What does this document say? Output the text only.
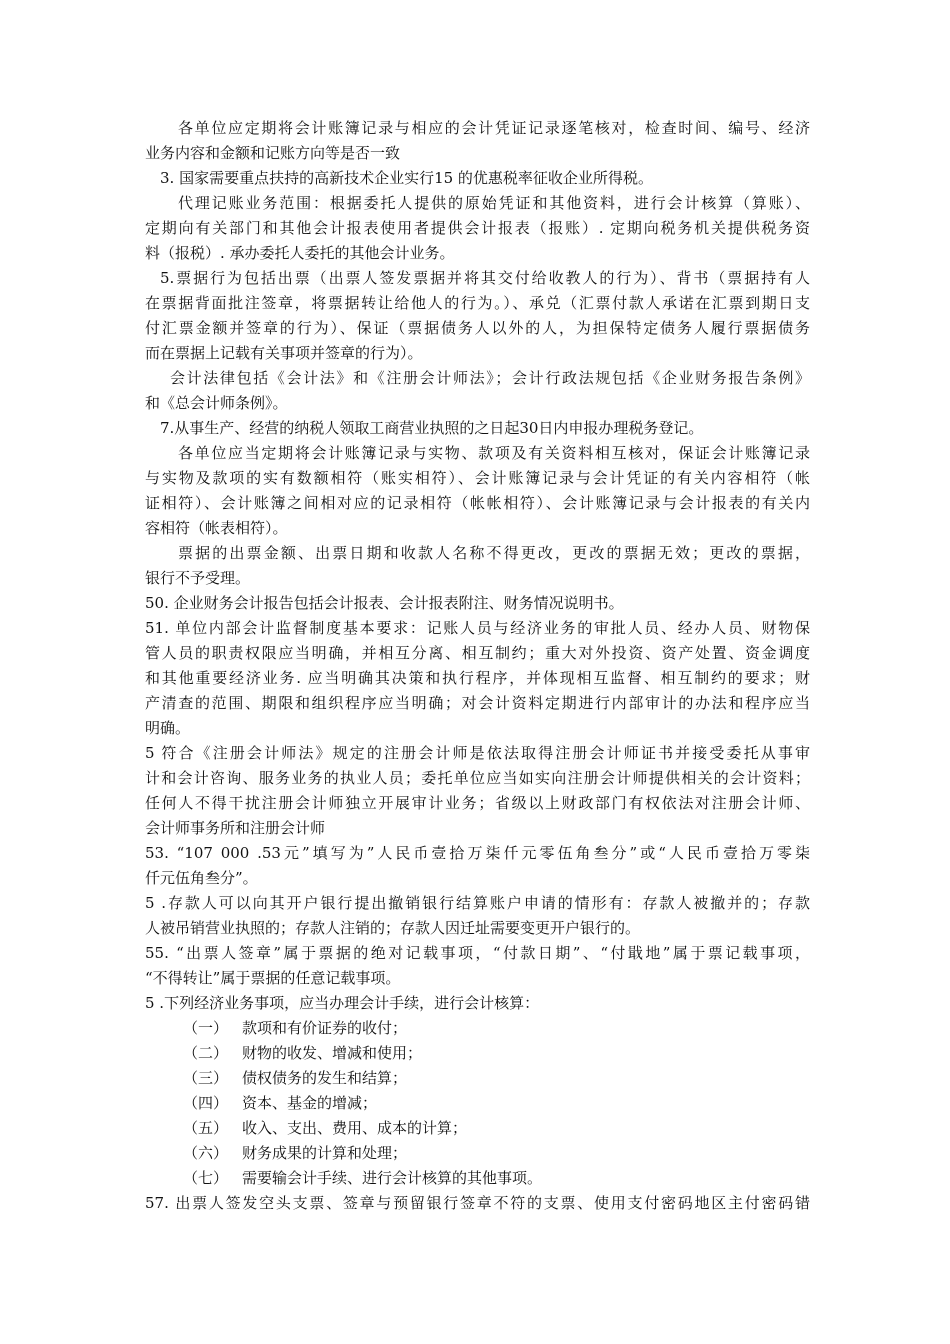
各单位应定期将会计账簿记录与相应的会计凭证记录逐笔核对，检查时间、编号、经济
业务内容和金额和记账方向等是否一致
3. 国家需要重点扶持的高新技术企业实行15 的优惠税率征收企业所得税。
代理记账业务范围：根据委托人提供的原始凭证和其他资料，进行会计核算（算账）、
定期向有关部门和其他会计报表使用者提供会计报表（报账）. 定期向税务机关提供税务资
料（报税）. 承办委托人委托的其他会计业务。
5.票据行为包括出票（出票人签发票据并将其交付给收教人的行为）、背书（票据持有人
在票据背面批注签章，将票据转让给他人的行为。）、承兑（汇票付款人承诺在汇票到期日支
付汇票金额并签章的行为）、保证（票据债务人以外的人，为担保特定债务人履行票据债务
而在票据上记载有关事项并签章的行为）。
会计法律包括《会计法》和《注册会计师法》；会计行政法规包括《企业财务报告条例》
和《总会计师条例》。
7.从事生产、经营的纳税人领取工商营业执照的之日起30日内申报办理税务登记。
各单位应当定期将会计账簿记录与实物、款项及有关资料相互核对，保证会计账簿记录
与实物及款项的实有数额相符（账实相符）、会计账簿记录与会计凭证的有关内容相符（帐
证相符）、会计账簿之间相对应的记录相符（帐帐相符）、会计账簿记录与会计报表的有关内
容相符（帐表相符）。
票据的出票金额、出票日期和收款人名称不得更改，更改的票据无效；更改的票据，
银行不予受理。
50. 企业财务会计报告包括会计报表、会计报表附注、财务情况说明书。
51. 单位内部会计监督制度基本要求：记账人员与经济业务的审批人员、经办人员、财物保
管人员的职责权限应当明确，并相互分离、相互制约；重大对外投资、资产处置、资金调度
和其他重要经济业务. 应当明确其决策和执行程序，并体现相互监督、相互制约的要求；财
产清查的范围、期限和组织程序应当明确；对会计资料定期进行内部审计的办法和程序应当
明确。
5 符合《注册会计师法》规定的注册会计师是依法取得注册会计师证书并接受委托从事审
计和会计咨询、服务业务的执业人员；委托单位应当如实向注册会计师提供相关的会计资料；
任何人不得干扰注册会计师独立开展审计业务；省级以上财政部门有权依法对注册会计师、
会计师事务所和注册会计师
53. “107 000 .53元”填写为”人民币壹拾万柒仟元零伍角叁分”或“人民币壹拾万零柒
仟元伍角叁分”。
5 .存款人可以向其开户银行提出撤销银行结算账户申请的情形有：存款人被撤并的；存款
人被吊销营业执照的；存款人注销的；存款人因迁址需要变更开户银行的。
55. “出票人签章”属于票据的绝对记载事项，“付款日期”、“付戢地”属于票记载事项，
“不得转让”属于票据的任意记载事项。
5 .下列经济业务事项，应当办理会计手续，进行会计核算：
（一） 款项和有价证券的收付；
（二） 财物的收发、增减和使用；
（三） 债权债务的发生和结算；
（四） 资本、基金的增减；
（五） 收入、支出、费用、成本的计算；
（六） 财务成果的计算和处理；
（七） 需要输会计手续、进行会计核算的其他事项。
57. 出票人签发空头支票、签章与预留银行签章不符的支票、使用支付密码地区主付密码错
